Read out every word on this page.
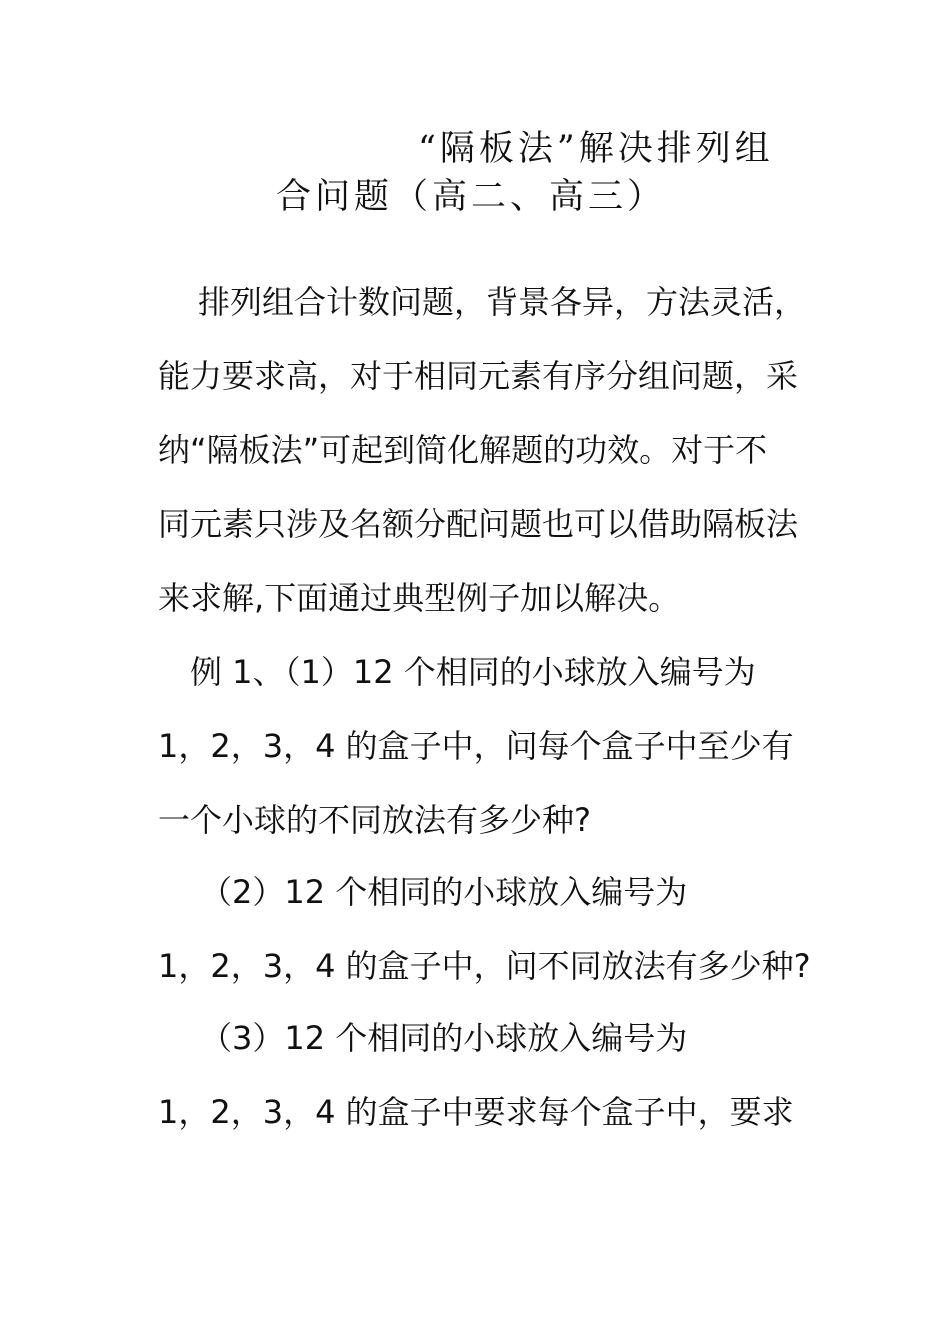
“隔板法”解决排列组
合问题（高二、高三）

排列组合计数问题，背景各异，方法灵活，

能力要求高，对于相同元素有序分组问题，采

纳“隔板法”可起到简化解题的功效。对于不

同元素只涉及名额分配问题也可以借助隔板法

来求解,下面通过典型例子加以解决。

例 1、（1）12 个相同的小球放入编号为

1，2，3，4 的盒子中，问每个盒子中至少有

一个小球的不同放法有多少种?

（2）12 个相同的小球放入编号为

1，2，3，4 的盒子中，问不同放法有多少种?

（3）12 个相同的小球放入编号为

1，2，3，4 的盒子中要求每个盒子中，要求
